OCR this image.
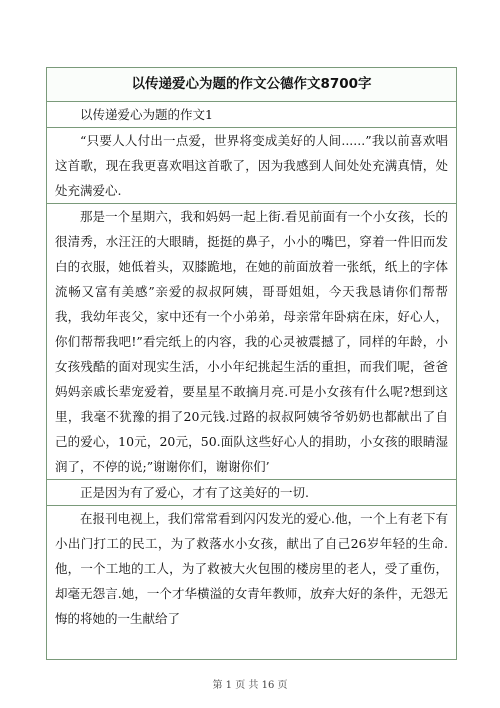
以传递爱心为题的作文公德作文8700字
以传递爱心为题的作文1
“只要人人付出一点爱，世界将变成美好的人间......”我以前喜欢唱这首歌，现在我更喜欢唱这首歌了，因为我感到人间处处充满真情，处处充满爱心.
那是一个星期六，我和妈妈一起上街.看见前面有一个小女孩，长的很清秀，水汪汪的大眼睛，挺挺的鼻子，小小的嘴巴，穿着一件旧而发白的衣服，她低着头，双膝跪地，在她的前面放着一张纸，纸上的字体流畅又富有美感”亲爱的叔叔阿姨，哥哥姐姐，今天我恳请你们帮帮我，我幼年丧父，家中还有一个小弟弟，母亲常年卧病在床，好心人，你们帮帮我吧!”看完纸上的内容，我的心灵被震撼了，同样的年龄，小女孩残酷的面对现实生活，小小年纪挑起生活的重担，而我们呢，爸爸妈妈亲戚长辈宠爱着，要星星不敢摘月亮.可是小女孩有什么呢?想到这里，我毫不犹豫的捐了20元钱.过路的叔叔阿姨爷爷奶奶也都献出了自己的爱心，10元，20元，50.面队这些好心人的捐助，小女孩的眼睛湿润了，不停的说;”谢谢你们，谢谢你们’
正是因为有了爱心，才有了这美好的一切.
在报刊电视上，我们常常看到闪闪发光的爱心.他，一个上有老下有小出门打工的民工，为了救落水小女孩，献出了自己26岁年轻的生命.他，一个工地的工人，为了救被大火包围的楼房里的老人，受了重伤，却毫无怨言.她，一个才华横溢的女青年教师，放弃大好的条件，无怨无悔的将她的一生献给了
第 1 页 共 16 页
